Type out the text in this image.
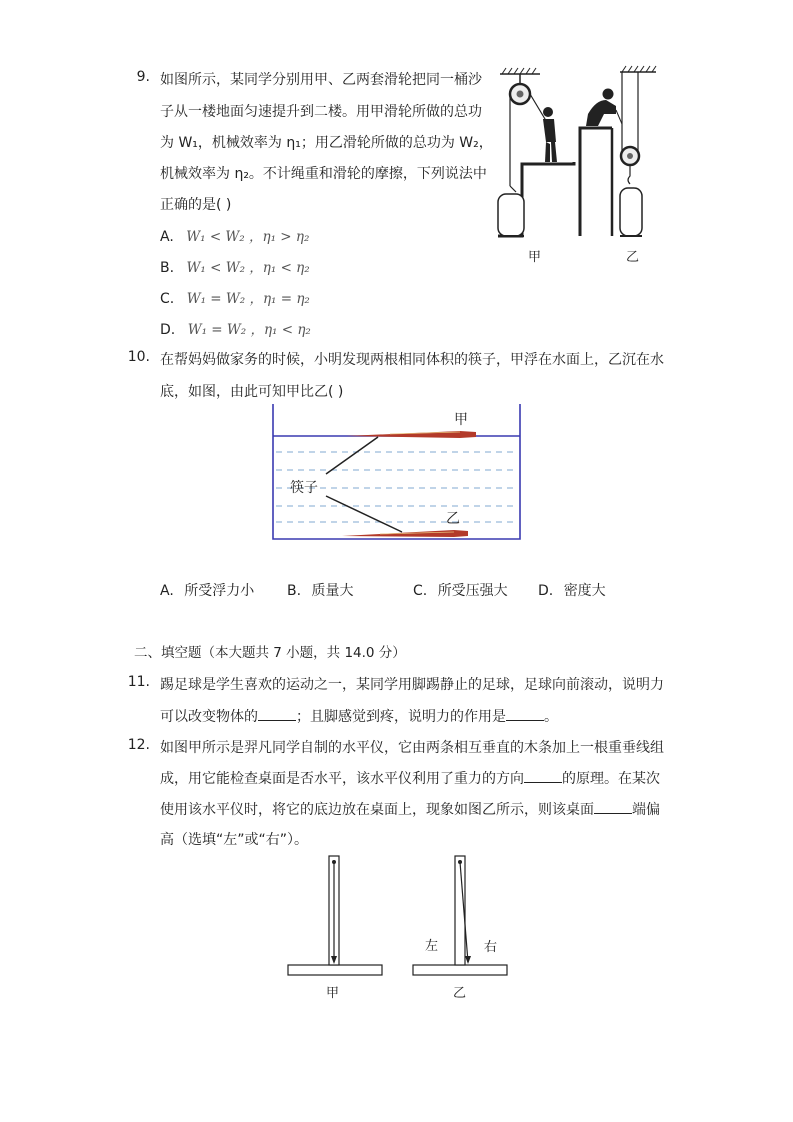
9. 如图所示，某同学分别用甲、乙两套滑轮把同一桶沙
子从一楼地面匀速提升到二楼。用甲滑轮所做的总功
为 W₁，机械效率为 η₁；用乙滑轮所做的总功为 W₂，
机械效率为 η₂。不计绳重和滑轮的摩擦，下列说法中
正确的是( )
A. W₁ < W₂ ，η₁ > η₂
B. W₁ < W₂ ，η₁ < η₂
C. W₁ = W₂ ，η₁ = η₂
D. W₁ = W₂ ，η₁ < η₂
甲	乙
10. 在帮妈妈做家务的时候，小明发现两根相同体积的筷子，甲浮在水面上，乙沉在水
底，如图，由此可知甲比乙( )
甲
筷子
乙
A. 所受浮力小 B. 质量大	C. 所受压强大 D. 密度大
二、填空题（本大题共 7 小题，共 14.0 分）
11. 踢足球是学生喜欢的运动之一，某同学用脚踢静止的足球，足球向前滚动，说明力
可以改变物体的	；且脚感觉到疼，说明力的作用是	。
12. 如图甲所示是羿凡同学自制的水平仪，它由两条相互垂直的木条加上一根重垂线组
成，用它能检查桌面是否水平，该水平仪利用了重力的方向	的原理。在某次
使用该水平仪时，将它的底边放在桌面上，现象如图乙所示，则该桌面	端偏
高（选填“左”或“右”）。
甲	乙
左	右
